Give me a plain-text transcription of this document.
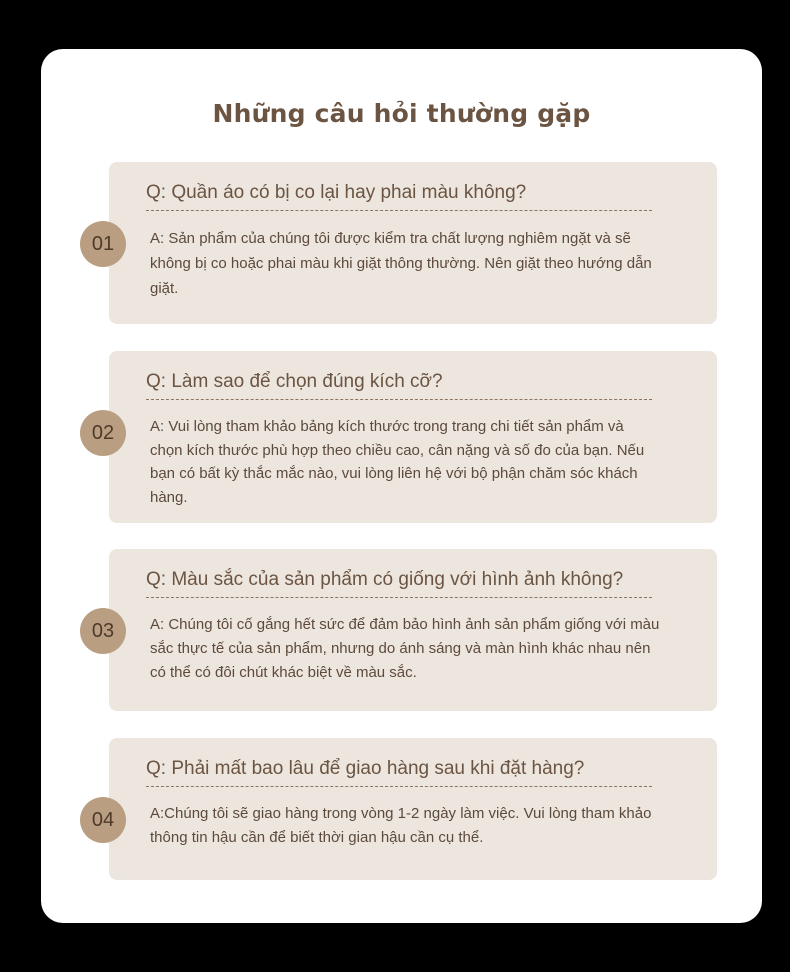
Những câu hỏi thường gặp
01
Q: Quần áo có bị co lại hay phai màu không?
A: Sản phẩm của chúng tôi được kiểm tra chất lượng nghiêm ngặt và sẽ không bị co hoặc phai màu khi giặt thông thường. Nên giặt theo hướng dẫn giặt.
02
Q: Làm sao để chọn đúng kích cỡ?
A: Vui lòng tham khảo bảng kích thước trong trang chi tiết sản phẩm và chọn kích thước phù hợp theo chiều cao, cân nặng và số đo của bạn. Nếu bạn có bất kỳ thắc mắc nào, vui lòng liên hệ với bộ phận chăm sóc khách hàng.
03
Q: Màu sắc của sản phẩm có giống với hình ảnh không?
A: Chúng tôi cố gắng hết sức để đảm bảo hình ảnh sản phẩm giống với màu sắc thực tế của sản phẩm, nhưng do ánh sáng và màn hình khác nhau nên có thể có đôi chút khác biệt về màu sắc.
04
Q: Phải mất bao lâu để giao hàng sau khi đặt hàng?
A:Chúng tôi sẽ giao hàng trong vòng 1-2 ngày làm việc. Vui lòng tham khảo thông tin hậu cần để biết thời gian hậu cần cụ thể.
